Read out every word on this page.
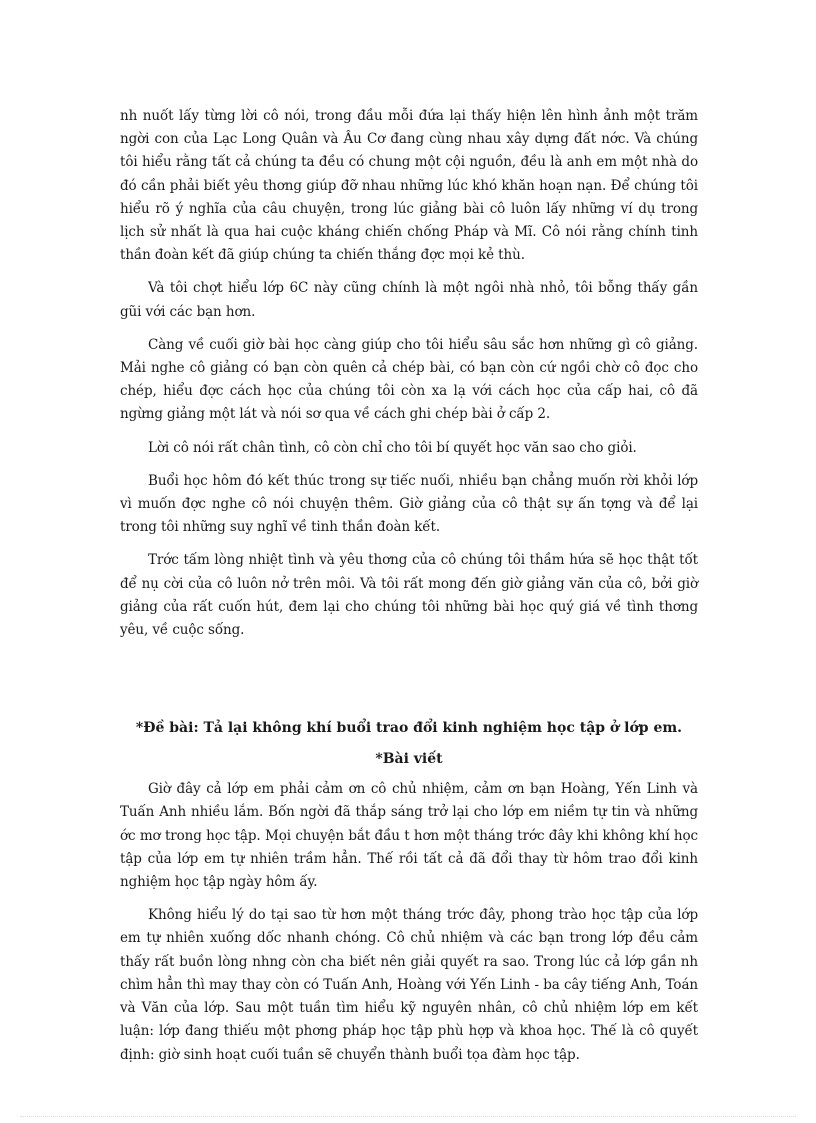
nh nuốt lấy từng lời cô nói, trong đầu mỗi đứa lại thấy hiện lên hình ảnh một trăm ngời con của Lạc Long Quân và Âu Cơ đang cùng nhau xây dựng đất nớc. Và chúng tôi hiểu rằng tất cả chúng ta đều có chung một cội nguồn, đều là anh em một nhà do đó cần phải biết yêu thơng giúp đỡ nhau những lúc khó khăn hoạn nạn. Để chúng tôi hiểu rõ ý nghĩa của câu chuyện, trong lúc giảng bài cô luôn lấy những ví dụ trong lịch sử nhất là qua hai cuộc kháng chiến chống Pháp và Mĩ. Cô nói rằng chính tinh thần đoàn kết đã giúp chúng ta chiến thắng đợc mọi kẻ thù.

Và tôi chợt hiểu lớp 6C này cũng chính là một ngôi nhà nhỏ, tôi bỗng thấy gần gũi với các bạn hơn.

Càng về cuối giờ bài học càng giúp cho tôi hiểu sâu sắc hơn những gì cô giảng. Mải nghe cô giảng có bạn còn quên cả chép bài, có bạn còn cứ ngồi chờ cô đọc cho chép, hiểu đợc cách học của chúng tôi còn xa lạ với cách học của cấp hai, cô đã ngừng giảng một lát và nói sơ qua về cách ghi chép bài ở cấp 2.

Lời cô nói rất chân tình, cô còn chỉ cho tôi bí quyết học văn sao cho giỏi.

Buổi học hôm đó kết thúc trong sự tiếc nuối, nhiều bạn chẳng muốn rời khỏi lớp vì muốn đợc nghe cô nói chuyện thêm. Giờ giảng của cô thật sự ấn tợng và để lại trong tôi những suy nghĩ về tinh thần đoàn kết.

Trớc tấm lòng nhiệt tình và yêu thơng của cô chúng tôi thầm hứa sẽ học thật tốt để nụ cời của cô luôn nở trên môi. Và tôi rất mong đến giờ giảng văn của cô, bởi giờ giảng của rất cuốn hút, đem lại cho chúng tôi những bài học quý giá về tình thơng yêu, về cuộc sống.

*Đề bài: Tả lại không khí buổi trao đổi kinh nghiệm học tập ở lớp em.
*Bài viết

Giờ đây cả lớp em phải cảm ơn cô chủ nhiệm, cảm ơn bạn Hoàng, Yến Linh và Tuấn Anh nhiều lắm. Bốn ngời đã thắp sáng trở lại cho lớp em niềm tự tin và những ớc mơ trong học tập. Mọi chuyện bắt đầu t hơn một tháng trớc đây khi không khí học tập của lớp em tự nhiên trầm hẳn. Thế rồi tất cả đã đổi thay từ hôm trao đổi kinh nghiệm học tập ngày hôm ấy.

Không hiểu lý do tại sao từ hơn một tháng trớc đây, phong trào học tập của lớp em tự nhiên xuống dốc nhanh chóng. Cô chủ nhiệm và các bạn trong lớp đều cảm thấy rất buồn lòng nhng còn cha biết nên giải quyết ra sao. Trong lúc cả lớp gần nh chìm hẳn thì may thay còn có Tuấn Anh, Hoàng với Yến Linh - ba cây tiếng Anh, Toán và Văn của lớp. Sau một tuần tìm hiểu kỹ nguyên nhân, cô chủ nhiệm lớp em kết luận: lớp đang thiếu một phơng pháp học tập phù hợp và khoa học. Thế là cô quyết định: giờ sinh hoạt cuối tuần sẽ chuyển thành buổi tọa đàm học tập.
